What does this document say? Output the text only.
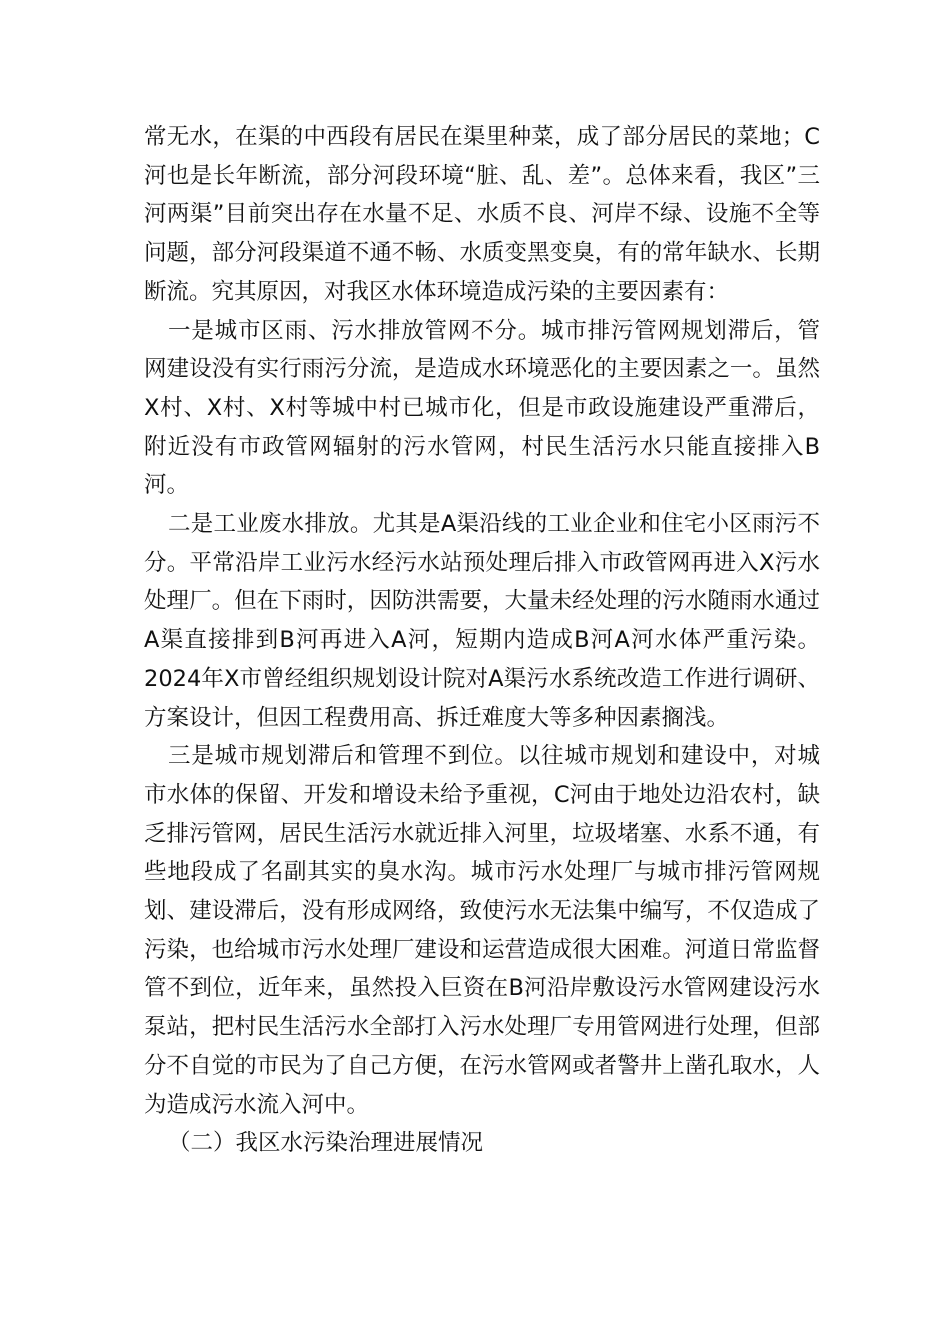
常无水，在渠的中西段有居民在渠里种菜，成了部分居民的菜地；C河也是长年断流，部分河段环境“脏、乱、差”。总体来看，我区”三河两渠”目前突出存在水量不足、水质不良、河岸不绿、设施不全等问题，部分河段渠道不通不畅、水质变黑变臭，有的常年缺水、长期断流。究其原因，对我区水体环境造成污染的主要因素有：

一是城市区雨、污水排放管网不分。城市排污管网规划滞后，管网建设没有实行雨污分流，是造成水环境恶化的主要因素之一。虽然X村、X村、X村等城中村已城市化，但是市政设施建设严重滞后，附近没有市政管网辐射的污水管网，村民生活污水只能直接排入B河。

二是工业废水排放。尤其是A渠沿线的工业企业和住宅小区雨污不分。平常沿岸工业污水经污水站预处理后排入市政管网再进入X污水处理厂。但在下雨时，因防洪需要，大量未经处理的污水随雨水通过A渠直接排到B河再进入A河，短期内造成B河A河水体严重污染。2024年X市曾经组织规划设计院对A渠污水系统改造工作进行调研、方案设计，但因工程费用高、拆迁难度大等多种因素搁浅。

三是城市规划滞后和管理不到位。以往城市规划和建设中，对城市水体的保留、开发和增设未给予重视，C河由于地处边沿农村，缺乏排污管网，居民生活污水就近排入河里，垃圾堵塞、水系不通，有些地段成了名副其实的臭水沟。城市污水处理厂与城市排污管网规划、建设滞后，没有形成网络，致使污水无法集中编写，不仅造成了污染，也给城市污水处理厂建设和运营造成很大困难。河道日常监督管不到位，近年来，虽然投入巨资在B河沿岸敷设污水管网建设污水泵站，把村民生活污水全部打入污水处理厂专用管网进行处理，但部分不自觉的市民为了自己方便，在污水管网或者警井上凿孔取水，人为造成污水流入河中。

（二）我区水污染治理进展情况
